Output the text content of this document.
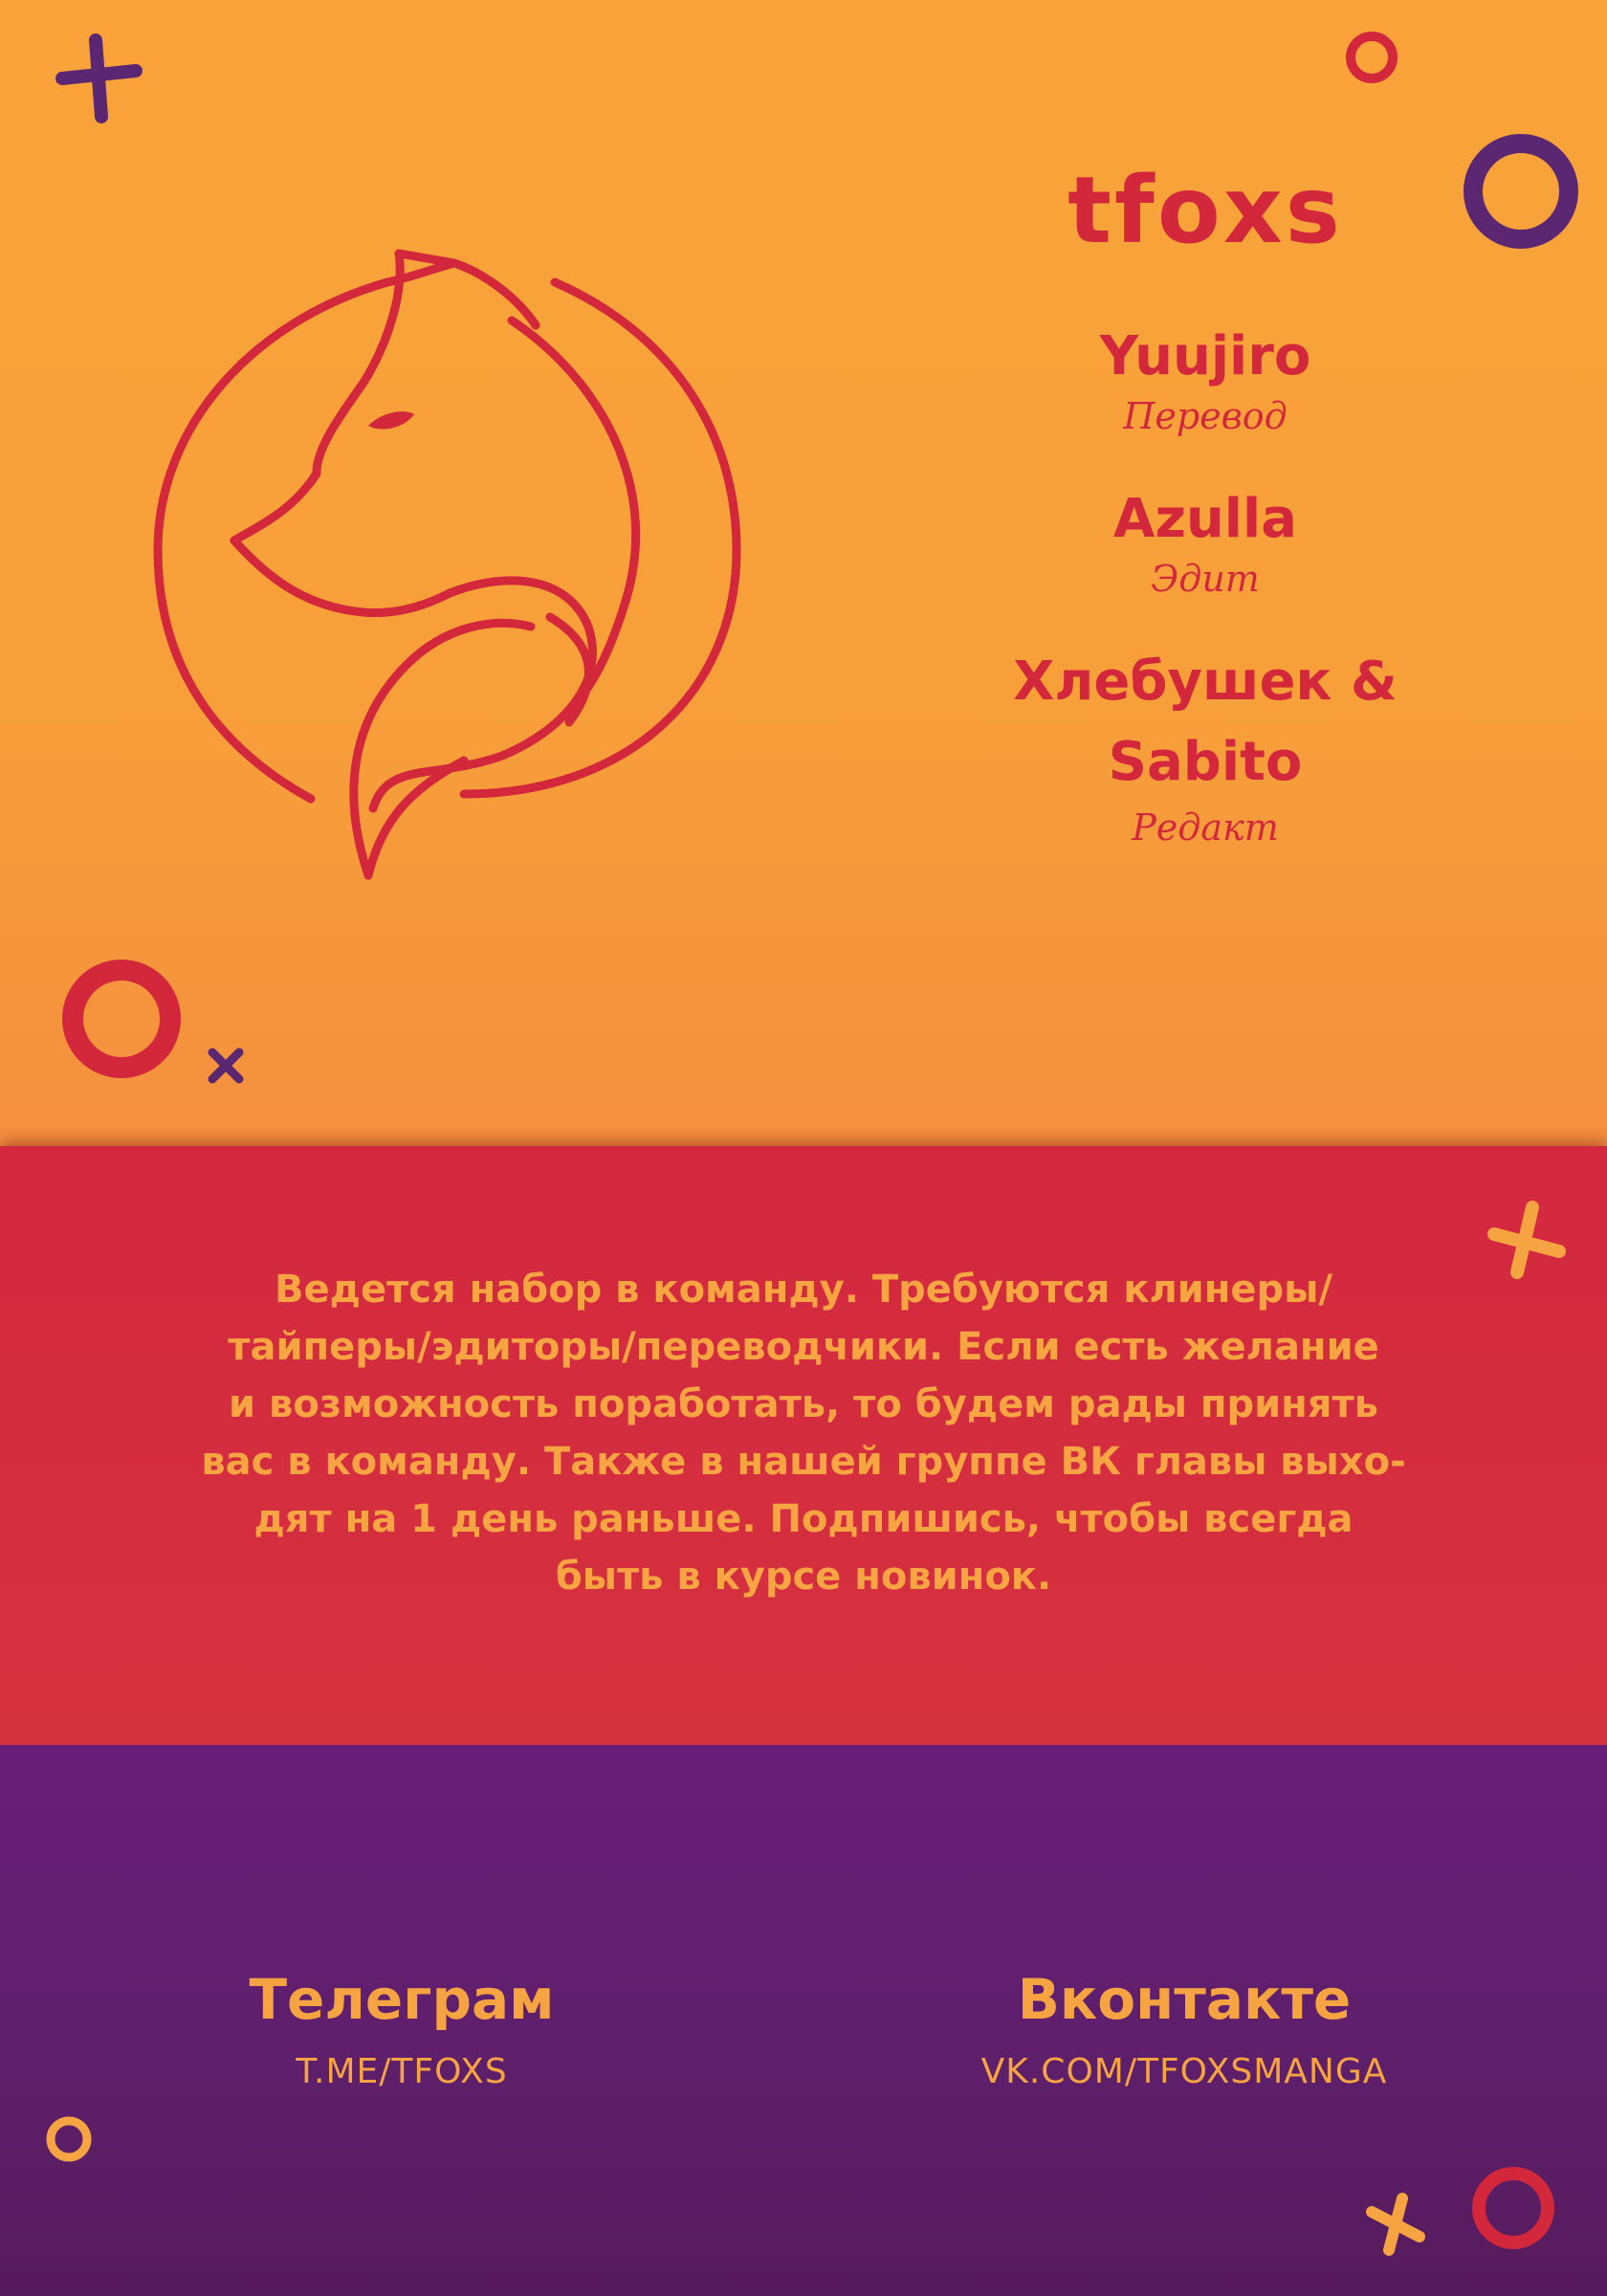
tfoxs
Yuujiro
Перевод
Azulla
Эдит
Хлебушек &
Sabito
Редакт
Ведется набор в команду. Требуются клинеры/
тайперы/эдиторы/переводчики. Если есть желание
и возможность поработать, то будем рады принять
вас в команду. Также в нашей группе ВК главы выхо-
дят на 1 день раньше. Подпишись, чтобы всегда
быть в курсе новинок.
Телеграм
T.ME/TFOXS
Вконтакте
VK.COM/TFOXSMANGA
